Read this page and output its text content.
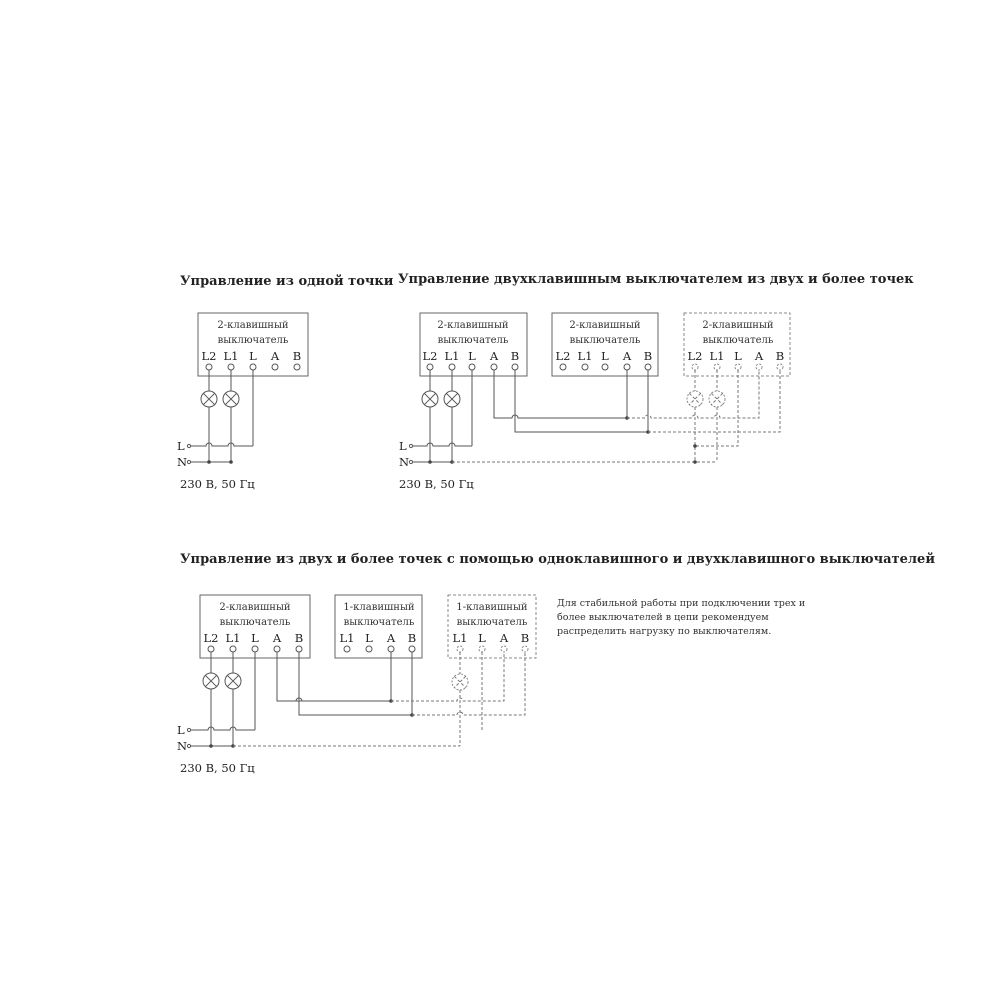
Управление из одной точки
2-клавишный
выключатель
L2 L1 L A B
L
N
230 В, 50 Гц
Управление двухклавишным выключателем из двух и более точек
2-клавишный
выключатель
L2 L1 L A B
2-клавишный
выключатель
L2 L1 L A B
2-клавишный
выключатель
L2 L1 L A B
L
N
230 В, 50 Гц
Управление из двух и более точек с помощью одноклавишного и двухклавишного выключателей
2-клавишный
выключатель
L2 L1 L A B
1-клавишный
выключатель
L1 L A B
1-клавишный
выключатель
L1 L A B
L
N
230 В, 50 Гц
Для стабильной работы при подключении трех и
более выключателей в цепи рекомендуем
распределить нагрузку по выключателям.
